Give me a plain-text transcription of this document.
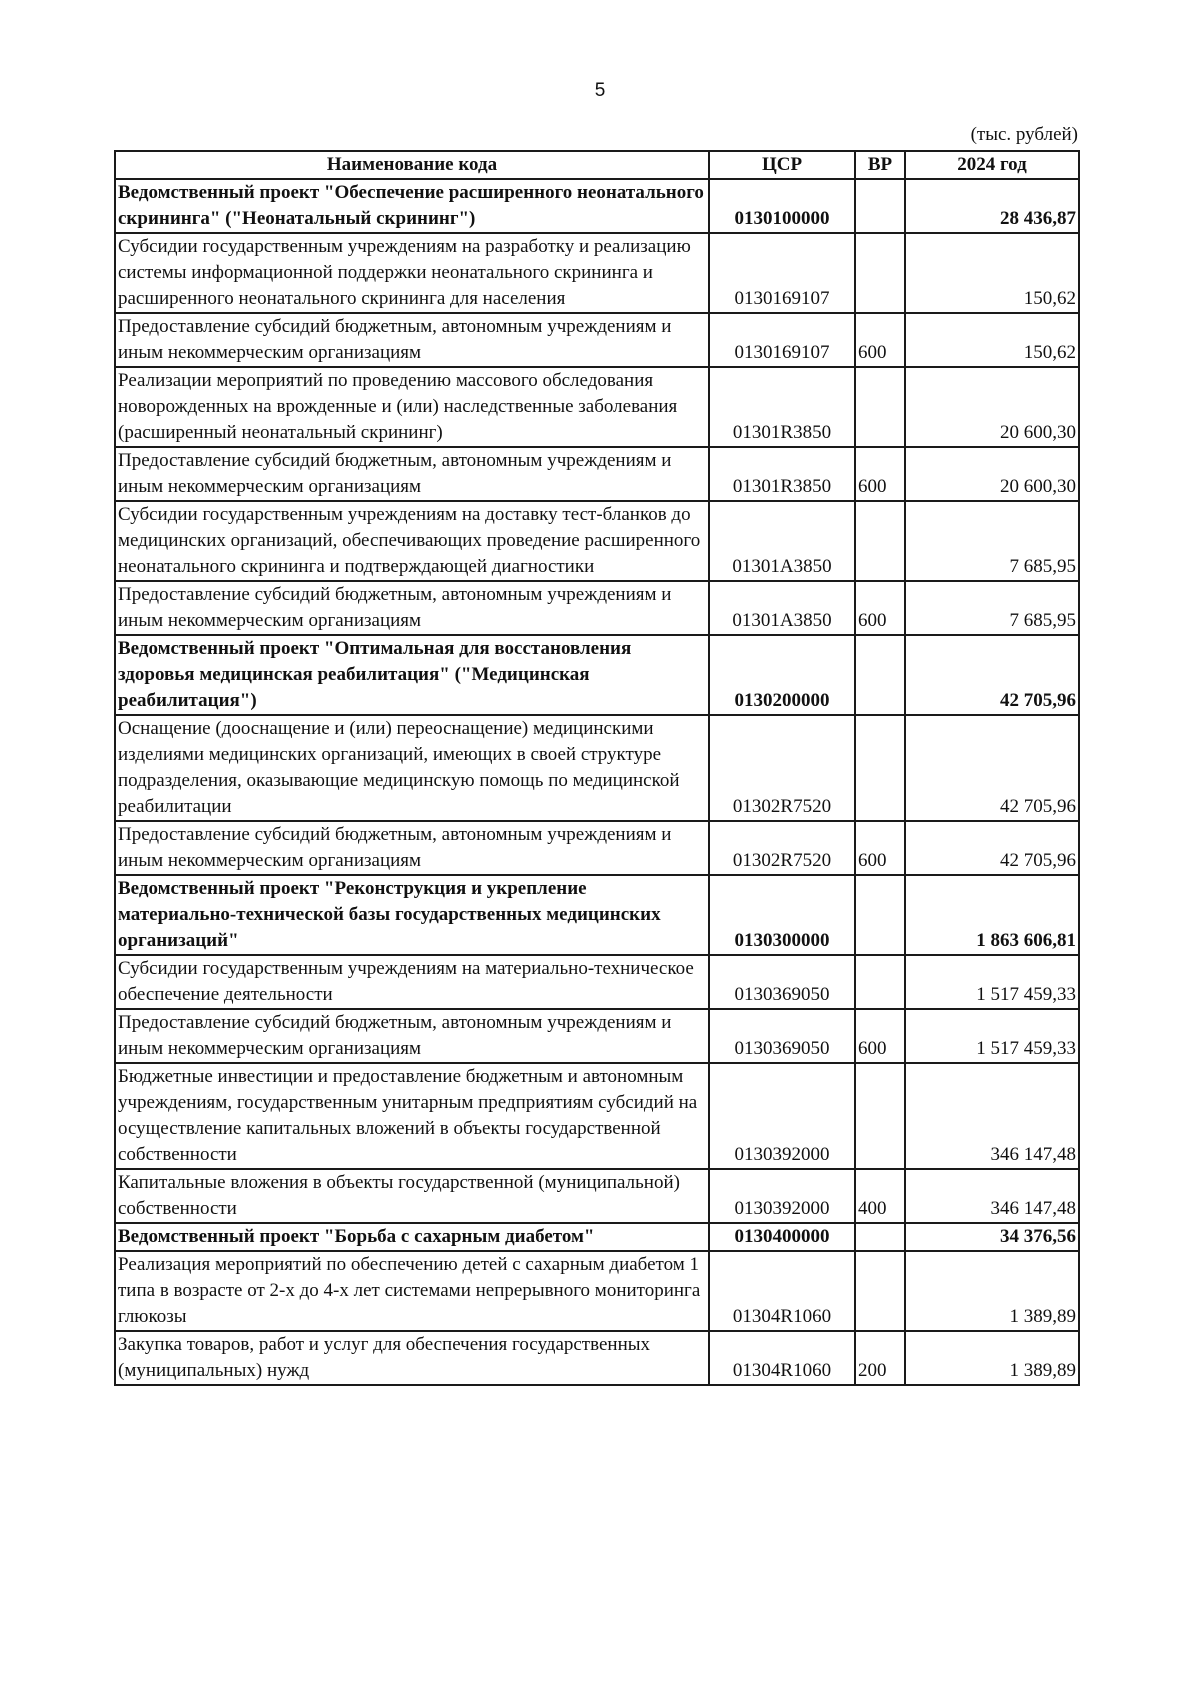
5
(тыс. рублей)
Наименование кода	ЦСР	ВР	2024 год
Ведомственный проект "Обеспечение расширенного неонатального скрининга" ("Неонатальный скрининг")	0130100000		28 436,87
Субсидии государственным учреждениям на разработку и реализацию системы информационной поддержки неонатального скрининга и расширенного неонатального скрининга для населения	0130169107		150,62
Предоставление субсидий бюджетным, автономным учреждениям и иным некоммерческим организациям	0130169107	600	150,62
Реализации мероприятий по проведению массового обследования новорожденных на врожденные и (или) наследственные заболевания (расширенный неонатальный скрининг)	01301R3850		20 600,30
Предоставление субсидий бюджетным, автономным учреждениям и иным некоммерческим организациям	01301R3850	600	20 600,30
Субсидии государственным учреждениям на доставку тест-бланков до медицинских организаций, обеспечивающих проведение расширенного неонатального скрининга и подтверждающей диагностики	01301A3850		7 685,95
Предоставление субсидий бюджетным, автономным учреждениям и иным некоммерческим организациям	01301A3850	600	7 685,95
Ведомственный проект "Оптимальная для восстановления здоровья медицинская реабилитация" ("Медицинская реабилитация")	0130200000		42 705,96
Оснащение (дооснащение и (или) переоснащение) медицинскими изделиями медицинских организаций, имеющих в своей структуре подразделения, оказывающие медицинскую помощь по медицинской реабилитации	01302R7520		42 705,96
Предоставление субсидий бюджетным, автономным учреждениям и иным некоммерческим организациям	01302R7520	600	42 705,96
Ведомственный проект "Реконструкция и укрепление материально-технической базы государственных медицинских организаций"	0130300000		1 863 606,81
Субсидии государственным учреждениям на материально-техническое обеспечение деятельности	0130369050		1 517 459,33
Предоставление субсидий бюджетным, автономным учреждениям и иным некоммерческим организациям	0130369050	600	1 517 459,33
Бюджетные инвестиции и предоставление бюджетным и автономным учреждениям, государственным унитарным предприятиям субсидий на осуществление капитальных вложений в объекты государственной собственности	0130392000		346 147,48
Капитальные вложения в объекты государственной (муниципальной) собственности	0130392000	400	346 147,48
Ведомственный проект "Борьба с сахарным диабетом"	0130400000		34 376,56
Реализация мероприятий по обеспечению детей с сахарным диабетом 1 типа в возрасте от 2-х до 4-х лет системами непрерывного мониторинга глюкозы	01304R1060		1 389,89
Закупка товаров, работ и услуг для обеспечения государственных (муниципальных) нужд	01304R1060	200	1 389,89
